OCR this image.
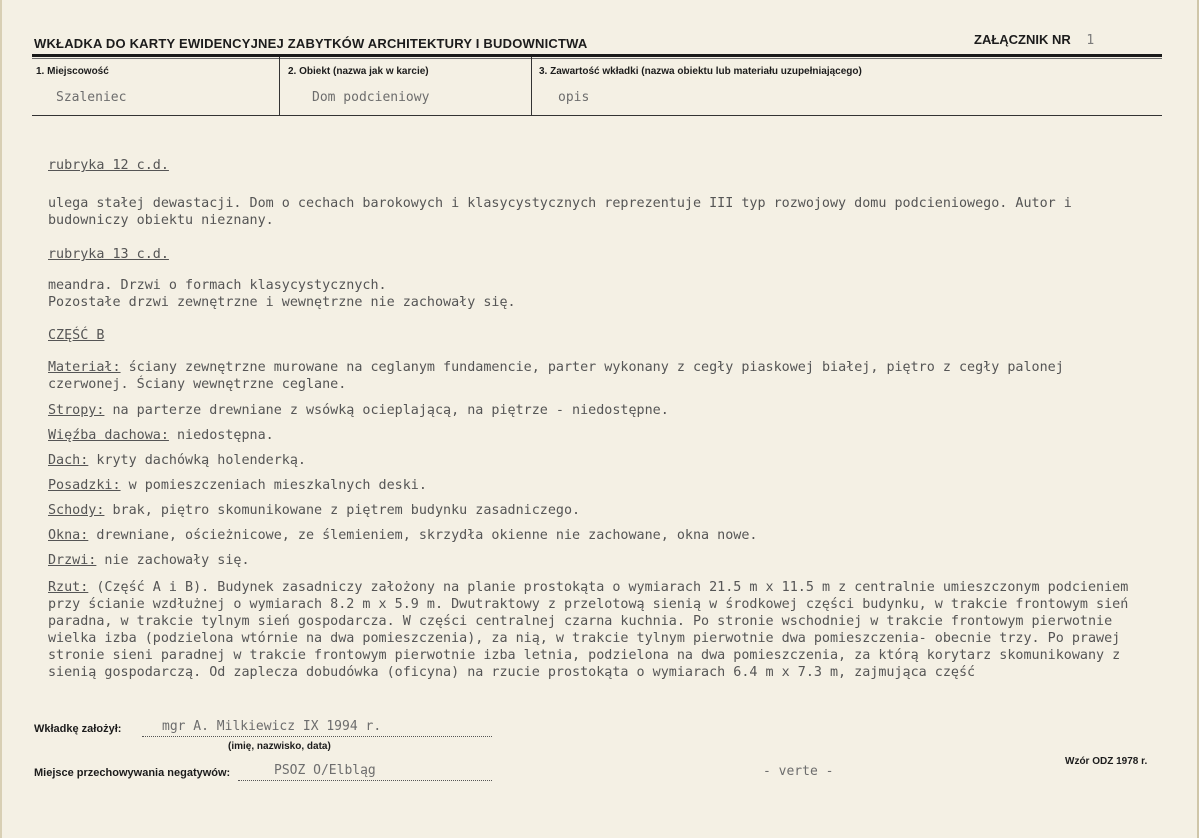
WKŁADKA DO KARTY EWIDENCYJNEJ ZABYTKÓW ARCHITEKTURY I BUDOWNICTWA	ZAŁĄCZNIK NR 1
1. Miejscowość
Szaleniec
2. Obiekt (nazwa jak w karcie)
Dom podcieniowy
3. Zawartość wkładki (nazwa obiektu lub materiału uzupełniającego)
opis
rubryka 12 c.d.

ulega stałej dewastacji. Dom o cechach barokowych i klasycystycznych reprezentuje III typ rozwojowy domu podcieniowego. Autor i budowniczy obiektu nieznany.

rubryka 13 c.d.

meandra. Drzwi o formach klasycystycznych.

Pozostałe drzwi zewnętrzne i wewnętrzne nie zachowały się.

CZĘŚĆ B

Materiał: ściany zewnętrzne murowane na ceglanym fundamencie, parter wykonany z cegły piaskowej białej, piętro z cegły palonej czerwonej. Ściany wewnętrzne ceglane.

Stropy: na parterze drewniane z wsówką ocieplającą, na piętrze - niedostępne.

Więźba dachowa: niedostępna.

Dach: kryty dachówką holenderką.

Posadzki: w pomieszczeniach mieszkalnych deski.

Schody: brak, piętro skomunikowane z piętrem budynku zasadniczego.

Okna: drewniane, ościeżnicowe, ze ślemieniem, skrzydła okienne nie zachowane, okna nowe.

Drzwi: nie zachowały się.

Rzut: (Część A i B). Budynek zasadniczy założony na planie prostokąta o wymiarach 21.5 m x 11.5 m z centralnie umieszczonym podcieniem przy ścianie wzdłużnej o wymiarach 8.2 m x 5.9 m. Dwutraktowy z przelotową sienią w środkowej części budynku, w trakcie frontowym sień paradna, w trakcie tylnym sień gospodarcza. W części centralnej czarna kuchnia. Po stronie wschodniej w trakcie frontowym pierwotnie wielka izba (podzielona wtórnie na dwa pomieszczenia), za nią, w trakcie tylnym pierwotnie dwa pomieszczenia- obecnie trzy. Po prawej stronie sieni paradnej w trakcie frontowym pierwotnie izba letnia, podzielona na dwa pomieszczenia, za którą korytarz skomunikowany z sienią gospodarczą. Od zaplecza dobudówka (oficyna) na rzucie prostokąta o wymiarach 6.4 m x 7.3 m, zajmująca część

Wkładkę założył:	mgr A. Milkiewicz IX 1994 r.
(imię, nazwisko, data)
Miejsce przechowywania negatywów:	PSOZ O/Elbląg	- verte -
Wzór ODZ 1978 r.
